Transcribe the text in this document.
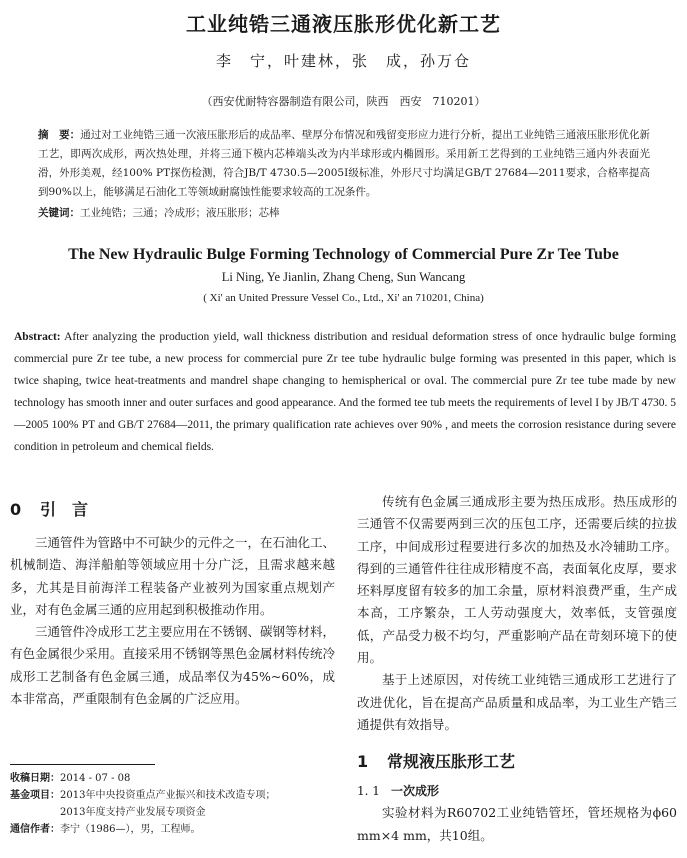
工业纯锆三通液压胀形优化新工艺
李　宁，叶建林，张　成，孙万仓
（西安优耐特容器制造有限公司，陕西　西安　710201）
摘　要：通过对工业纯锆三通一次液压胀形后的成品率、壁厚分布情况和残留变形应力进行分析，提出工业纯锆三通液压胀形优化新工艺，即两次成形，两次热处理，并将三通下模内芯棒端头改为内半球形或内椭圆形。采用新工艺得到的工业纯锆三通内外表面光滑，外形美观，经100% PT探伤检测，符合JB/T 4730.5—2005Ⅰ级标准，外形尺寸均满足GB/T 27684—2011要求，合格率提高到90%以上，能够满足石油化工等领域耐腐蚀性能要求较高的工况条件。
关键词：工业纯锆；三通；冷成形；液压胀形；芯棒
The New Hydraulic Bulge Forming Technology of Commercial Pure Zr Tee Tube
Li Ning, Ye Jianlin, Zhang Cheng, Sun Wancang
( Xi' an United Pressure Vessel Co., Ltd., Xi' an 710201, China)
Abstract: After analyzing the production yield, wall thickness distribution and residual deformation stress of once hydraulic bulge forming commercial pure Zr tee tube, a new process for commercial pure Zr tee tube hydraulic bulge forming was presented in this paper, which is twice shaping, twice heat-treatments and mandrel shape changing to hemispherical or oval. The commercial pure Zr tee tube made by new technology has smooth inner and outer surfaces and good appearance. And the formed tee tub meets the requirements of level I by JB/T 4730. 5—2005 100% PT and GB/T 27684—2011, the primary qualification rate achieves over 90% , and meets the corrosion resistance during severe condition in petroleum and chemical fields.
0 引　言

三通管件为管路中不可缺少的元件之一，在石油化工、机械制造、海洋船舶等领域应用十分广泛，且需求越来越多，尤其是目前海洋工程装备产业被列为国家重点规划产业，对有色金属三通的应用起到积极推动作用。

三通管件冷成形工艺主要应用在不锈钢、碳钢等材料，有色金属很少采用。直接采用不锈钢等黑色金属材料传统冷成形工艺制备有色金属三通，成品率仅为45%~60%，成本非常高，严重限制有色金属的广泛应用。

传统有色金属三通成形主要为热压成形。热压成形的三通管不仅需要两到三次的压包工序，还需要后续的拉拔工序，中间成形过程要进行多次的加热及水冷辅助工序。得到的三通管件往往成形精度不高，表面氧化皮厚，要求坯料厚度留有较多的加工余量，原材料浪费严重，生产成本高，工序繁杂，工人劳动强度大，效率低，支管强度低，产品受力极不均匀，严重影响产品在苛刻环境下的使用。

基于上述原因，对传统工业纯锆三通成形工艺进行了改进优化，旨在提高产品质量和成品率，为工业生产锆三通提供有效指导。

1 常规液压胀形工艺

1. 1 一次成形

实验材料为R60702工业纯锆管坯，管坯规格为ϕ60 mm×4 mm，共10组。

收稿日期： 2014 - 07 - 08
基金项目： 2013年中央投资重点产业振兴和技术改造专项；
2013年度支持产业发展专项资金
通信作者： 李宁（1986—），男，工程师。
